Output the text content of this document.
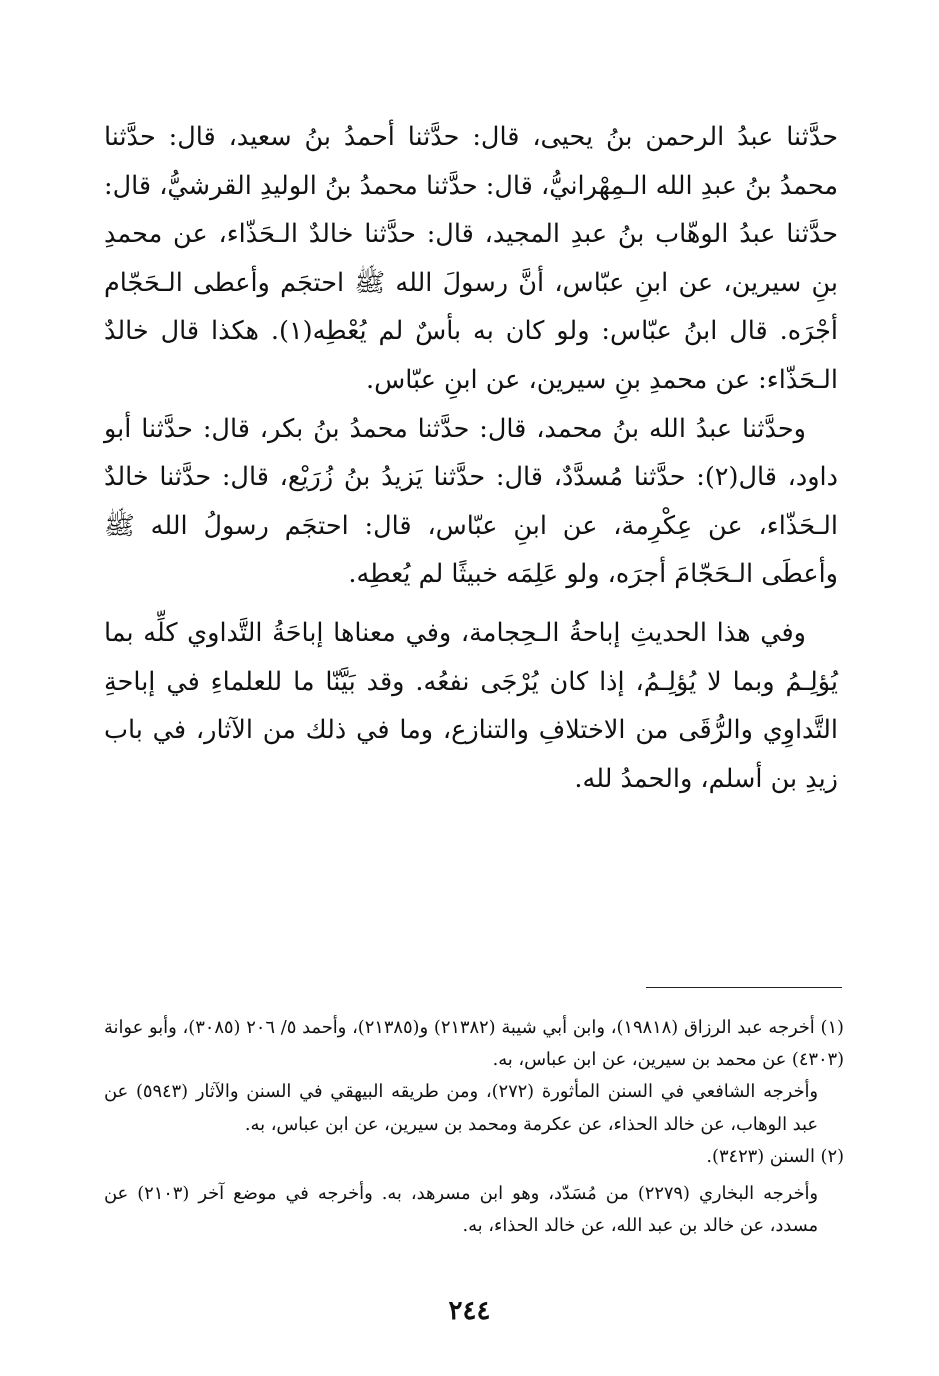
حدَّثنا عبدُ الرحمن بنُ يحيى، قال: حدَّثنا أحمدُ بنُ سعيد، قال: حدَّثنا محمدُ بنُ عبدِ الله الـمِهْرانيُّ، قال: حدَّثنا محمدُ بنُ الوليدِ القرشيُّ، قال: حدَّثنا عبدُ الوهّاب بنُ عبدِ المجيد، قال: حدَّثنا خالدٌ الـحَذّاء، عن محمدِ بنِ سيرين، عن ابنِ عبّاس، أنَّ رسولَ الله ﷺ احتجَم وأعطى الـحَجّام أجْرَه. قال ابنُ عبّاس: ولو كان به بأسٌ لم يُعْطِه(١). هكذا قال خالدٌ الـحَذّاء: عن محمدِ بنِ سيرين، عن ابنِ عبّاس.

وحدَّثنا عبدُ الله بنُ محمد، قال: حدَّثنا محمدُ بنُ بكر، قال: حدَّثنا أبو داود، قال(٢): حدَّثنا مُسدَّدٌ، قال: حدَّثنا يَزيدُ بنُ زُرَيْع، قال: حدَّثنا خالدٌ الـحَذّاء، عن عِكْرِمة، عن ابنِ عبّاس، قال: احتجَم رسولُ الله ﷺ وأعطَى الـحَجّامَ أجرَه، ولو عَلِمَه خبيثًا لم يُعطِه.

وفي هذا الحديثِ إباحةُ الـحِجامة، وفي معناها إباحَةُ التَّداوي كلِّه بما يُؤلِـمُ وبما لا يُؤلِـمُ، إذا كان يُرْجَى نفعُه. وقد بَيَّنّا ما للعلماءِ في إباحةِ التَّداوِي والرُّقَى من الاختلافِ والتنازع، وما في ذلك من الآثار، في باب زيدِ بن أسلم، والحمدُ لله.

(١) أخرجه عبد الرزاق (١٩٨١٨)، وابن أبي شيبة (٢١٣٨٢) و(٢١٣٨٥)، وأحمد ٥/ ٢٠٦ (٣٠٨٥)، وأبو عوانة (٤٣٠٣) عن محمد بن سيرين، عن ابن عباس، به.

وأخرجه الشافعي في السنن المأثورة (٢٧٢)، ومن طريقه البيهقي في السنن والآثار (٥٩٤٣) عن عبد الوهاب، عن خالد الحذاء، عن عكرمة ومحمد بن سيرين، عن ابن عباس، به.

(٢) السنن (٣٤٢٣).

وأخرجه البخاري (٢٢٧٩) من مُسَدّد، وهو ابن مسرهد، به. وأخرجه في موضع آخر (٢١٠٣) عن مسدد، عن خالد بن عبد الله، عن خالد الحذاء، به.

٢٤٤
